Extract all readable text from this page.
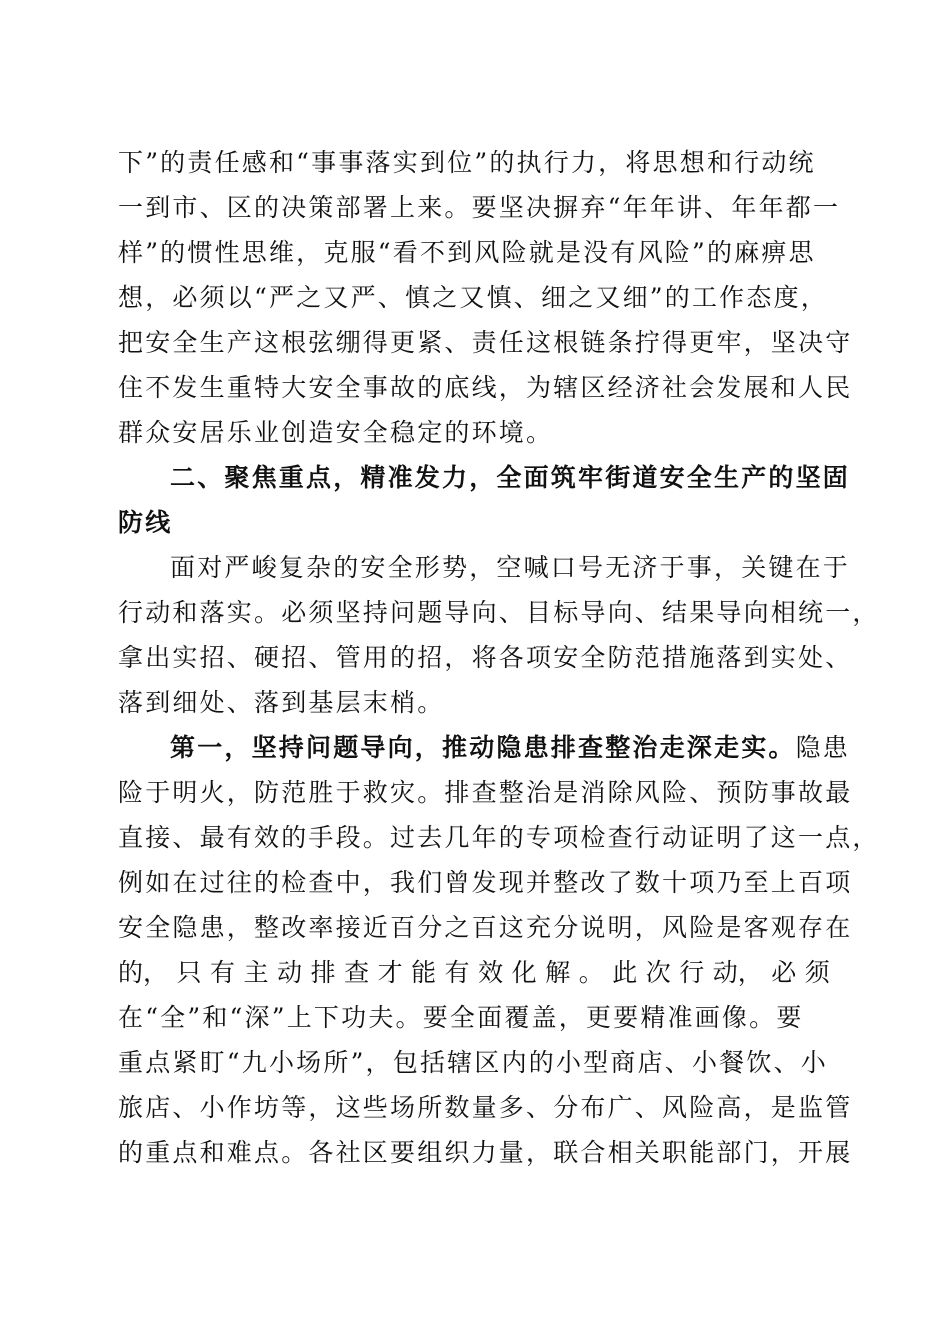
下”的责任感和“事事落实到位”的执行力，将思想和行动统
一到市、区的决策部署上来。要坚决摒弃“年年讲、年年都一
样”的惯性思维，克服“看不到风险就是没有风险”的麻痹思
想，必须以“严之又严、慎之又慎、细之又细”的工作态度，
把安全生产这根弦绷得更紧、责任这根链条拧得更牢，坚决守
住不发生重特大安全事故的底线，为辖区经济社会发展和人民
群众安居乐业创造安全稳定的环境。
二、聚焦重点，精准发力，全面筑牢街道安全生产的坚固
防线
面对严峻复杂的安全形势，空喊口号无济于事，关键在于
行动和落实。必须坚持问题导向、目标导向、结果导向相统一，
拿出实招、硬招、管用的招，将各项安全防范措施落到实处、
落到细处、落到基层末梢。
第一，坚持问题导向，推动隐患排查整治走深走实。隐患
险于明火，防范胜于救灾。排查整治是消除风险、预防事故最
直接、最有效的手段。过去几年的专项检查行动证明了这一点，
例如在过往的检查中，我们曾发现并整改了数十项乃至上百项
安全隐患，整改率接近百分之百这充分说明，风险是客观存在
的， 只 有 主 动 排 查 才 能 有 效 化 解 。 此 次 行 动， 必 须
在“全”和“深”上下功夫。要全面覆盖，更要精准画像。要
重点紧盯“九小场所”，包括辖区内的小型商店、小餐饮、小
旅店、小作坊等，这些场所数量多、分布广、风险高，是监管
的重点和难点。各社区要组织力量，联合相关职能部门，开展
